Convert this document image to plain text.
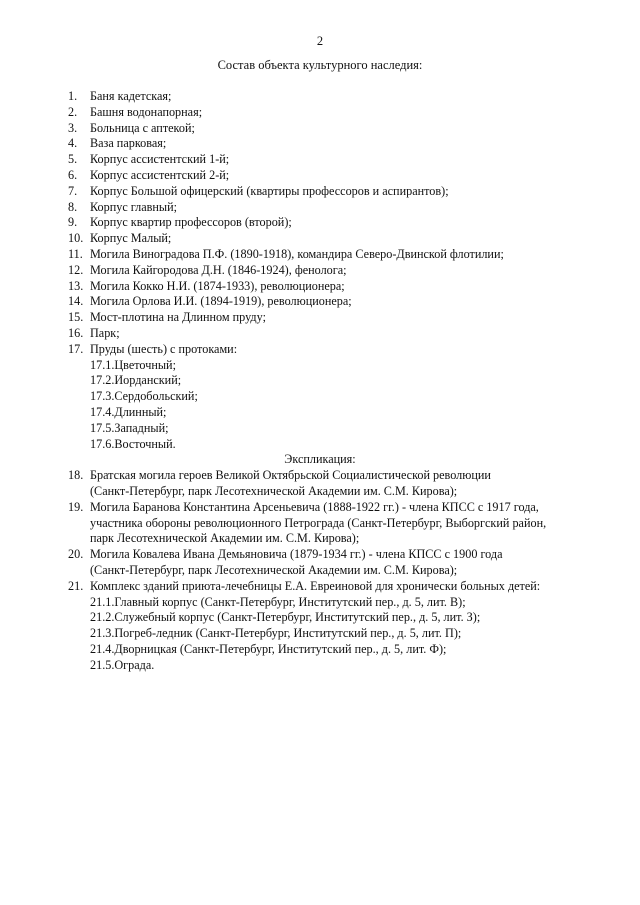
2
Состав объекта культурного наследия:
1.	Баня кадетская;
2.	Башня водонапорная;
3.	Больница с аптекой;
4.	Ваза парковая;
5.	Корпус ассистентский 1-й;
6.	Корпус ассистентский 2-й;
7.	Корпус Большой офицерский (квартиры профессоров и аспирантов);
8.	Корпус главный;
9.	Корпус квартир профессоров (второй);
10. Корпус Малый;
11. Могила Виноградова П.Ф. (1890-1918), командира Северо-Двинской флотилии;
12. Могила Кайгородова Д.Н. (1846-1924), фенолога;
13. Могила Кокко Н.И. (1874-1933), революционера;
14. Могила Орлова И.И. (1894-1919), революционера;
15. Мост-плотина на Длинном пруду;
16. Парк;
17. Пруды (шесть) с протоками:
17.1.Цветочный;
17.2.Иорданский;
17.3.Сердобольский;
17.4.Длинный;
17.5.Западный;
17.6.Восточный.
Экспликация:
18. Братская могила героев Великой Октябрьской Социалистической революции
(Санкт-Петербург, парк Лесотехнической Академии им. С.М. Кирова);
19. Могила Баранова Константина Арсеньевича (1888-1922 гг.) - члена КПСС с 1917 года,
участника обороны революционного Петрограда (Санкт-Петербург, Выборгский район,
парк Лесотехнической Академии им. С.М. Кирова);
20. Могила Ковалева Ивана Демьяновича (1879-1934 гг.) - члена КПСС с 1900 года
(Санкт-Петербург, парк Лесотехнической Академии им. С.М. Кирова);
21. Комплекс зданий приюта-лечебницы Е.А. Евреиновой для хронически больных детей:
21.1.Главный корпус (Санкт-Петербург, Институтский пер., д. 5, лит. В);
21.2.Служебный корпус (Санкт-Петербург, Институтский пер., д. 5, лит. З);
21.3.Погреб-ледник (Санкт-Петербург, Институтский пер., д. 5, лит. П);
21.4.Дворницкая (Санкт-Петербург, Институтский пер., д. 5, лит. Ф);
21.5.Ограда.
